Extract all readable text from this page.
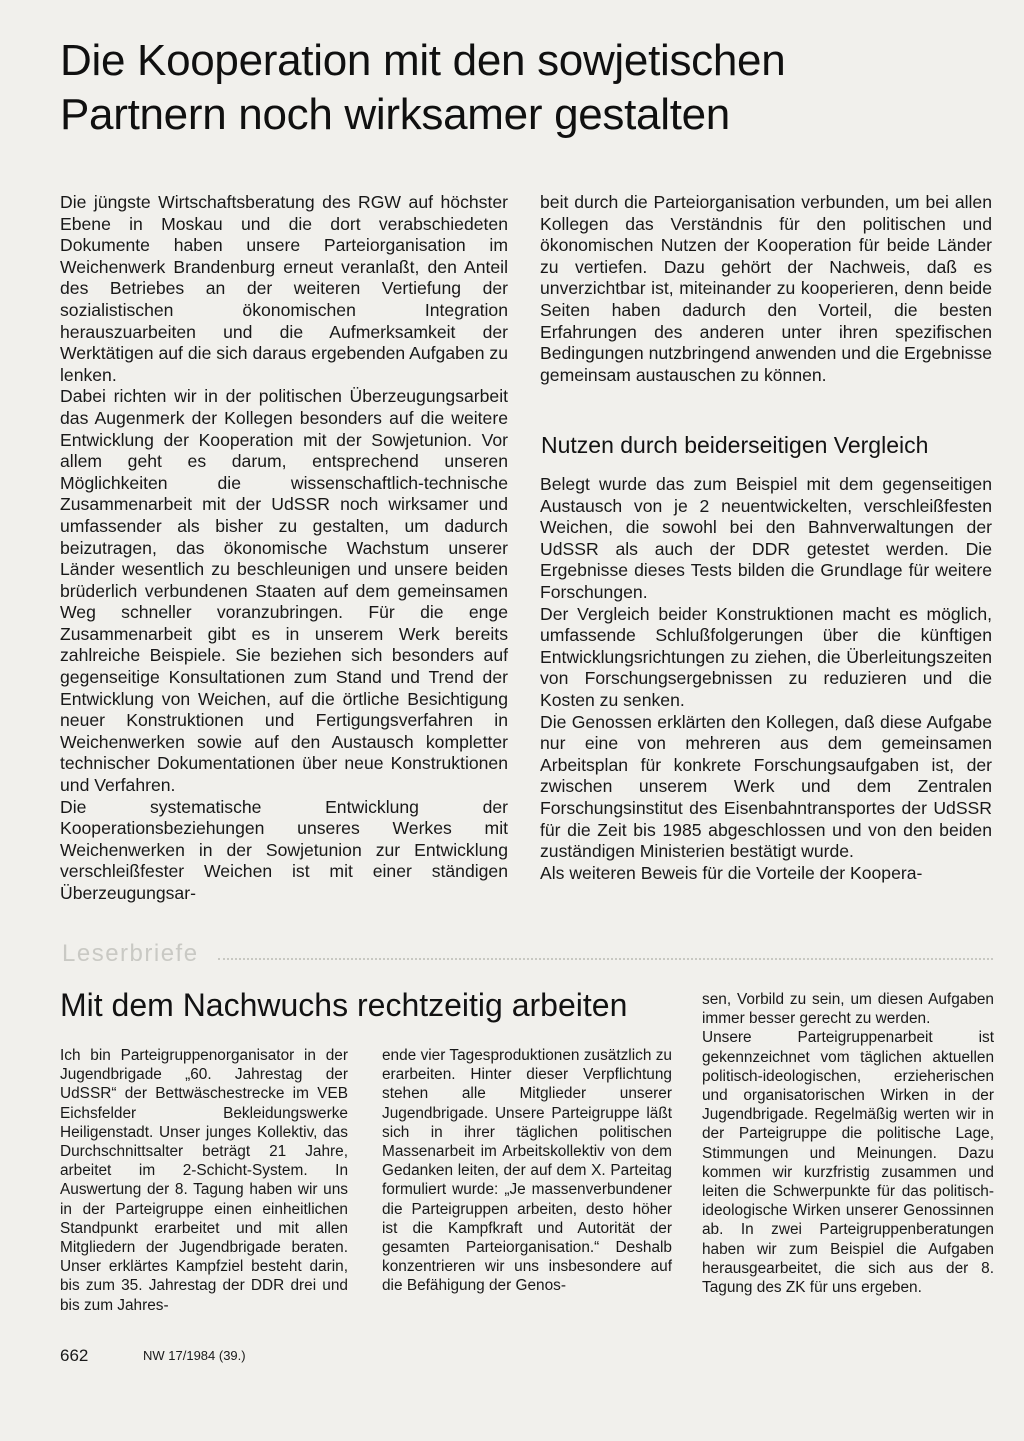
Die Kooperation mit den sowjetischen
Partnern noch wirksamer gestalten

Die jüngste Wirtschaftsberatung des RGW auf höchster Ebene in Moskau und die dort verabschiedeten Dokumente haben unsere Parteiorganisation im Weichenwerk Brandenburg erneut veranlaßt, den Anteil des Betriebes an der weiteren Vertiefung der sozialistischen ökonomischen Integration herauszuarbeiten und die Aufmerksamkeit der Werktätigen auf die sich daraus ergebenden Aufgaben zu lenken.

Dabei richten wir in der politischen Überzeugungsarbeit das Augenmerk der Kollegen besonders auf die weitere Entwicklung der Kooperation mit der Sowjetunion. Vor allem geht es darum, entsprechend unseren Möglichkeiten die wissenschaftlich-technische Zusammenarbeit mit der UdSSR noch wirksamer und umfassender als bisher zu gestalten, um dadurch beizutragen, das ökonomische Wachstum unserer Länder wesentlich zu beschleunigen und unsere beiden brüderlich verbundenen Staaten auf dem gemeinsamen Weg schneller voranzubringen. Für die enge Zusammenarbeit gibt es in unserem Werk bereits zahlreiche Beispiele. Sie beziehen sich besonders auf gegenseitige Konsultationen zum Stand und Trend der Entwicklung von Weichen, auf die örtliche Besichtigung neuer Konstruktionen und Fertigungsverfahren in Weichenwerken sowie auf den Austausch kompletter technischer Dokumentationen über neue Konstruktionen und Verfahren.

Die systematische Entwicklung der Kooperationsbeziehungen unseres Werkes mit Weichenwerken in der Sowjetunion zur Entwicklung verschleißfester Weichen ist mit einer ständigen Überzeugungsar-

beit durch die Parteiorganisation verbunden, um bei allen Kollegen das Verständnis für den politischen und ökonomischen Nutzen der Kooperation für beide Länder zu vertiefen. Dazu gehört der Nachweis, daß es unverzichtbar ist, miteinander zu kooperieren, denn beide Seiten haben dadurch den Vorteil, die besten Erfahrungen des anderen unter ihren spezifischen Bedingungen nutzbringend anwenden und die Ergebnisse gemeinsam austauschen zu können.

Nutzen durch beiderseitigen Vergleich

Belegt wurde das zum Beispiel mit dem gegenseitigen Austausch von je 2 neuentwickelten, verschleißfesten Weichen, die sowohl bei den Bahnverwaltungen der UdSSR als auch der DDR getestet werden. Die Ergebnisse dieses Tests bilden die Grundlage für weitere Forschungen.

Der Vergleich beider Konstruktionen macht es möglich, umfassende Schlußfolgerungen über die künftigen Entwicklungsrichtungen zu ziehen, die Überleitungszeiten von Forschungsergebnissen zu reduzieren und die Kosten zu senken.

Die Genossen erklärten den Kollegen, daß diese Aufgabe nur eine von mehreren aus dem gemeinsamen Arbeitsplan für konkrete Forschungsaufgaben ist, der zwischen unserem Werk und dem Zentralen Forschungsinstitut des Eisenbahntransportes der UdSSR für die Zeit bis 1985 abgeschlossen und von den beiden zuständigen Ministerien bestätigt wurde.

Als weiteren Beweis für die Vorteile der Koopera-

Leserbriefe
Mit dem Nachwuchs rechtzeitig arbeiten

Ich bin Parteigruppenorganisator in der Jugendbrigade „60. Jahrestag der UdSSR“ der Bettwäschestrecke im VEB Eichsfelder Bekleidungswerke Heiligenstadt. Unser junges Kollektiv, das Durchschnittsalter beträgt 21 Jahre, arbeitet im 2-Schicht-System. In Auswertung der 8. Tagung haben wir uns in der Parteigruppe einen einheitlichen Standpunkt erarbeitet und mit allen Mitgliedern der Jugendbrigade beraten. Unser erklärtes Kampfziel besteht darin, bis zum 35. Jahrestag der DDR drei und bis zum Jahres-

ende vier Tagesproduktionen zusätzlich zu erarbeiten. Hinter dieser Verpflichtung stehen alle Mitglieder unserer Jugendbrigade. Unsere Parteigruppe läßt sich in ihrer täglichen politischen Massenarbeit im Arbeitskollektiv von dem Gedanken leiten, der auf dem X. Parteitag formuliert wurde: „Je massenverbundener die Parteigruppen arbeiten, desto höher ist die Kampfkraft und Autorität der gesamten Parteiorganisation.“ Deshalb konzentrieren wir uns insbesondere auf die Befähigung der Genos-

sen, Vorbild zu sein, um diesen Aufgaben immer besser gerecht zu werden.

Unsere Parteigruppenarbeit ist gekennzeichnet vom täglichen aktuellen politisch-ideologischen, erzieherischen und organisatorischen Wirken in der Jugendbrigade. Regelmäßig werten wir in der Parteigruppe die politische Lage, Stimmungen und Meinungen. Dazu kommen wir kurzfristig zusammen und leiten die Schwerpunkte für das politisch-ideologische Wirken unserer Genossinnen ab. In zwei Parteigruppenberatungen haben wir zum Beispiel die Aufgaben herausgearbeitet, die sich aus der 8. Tagung des ZK für uns ergeben.

662	NW 17/1984 (39.)
